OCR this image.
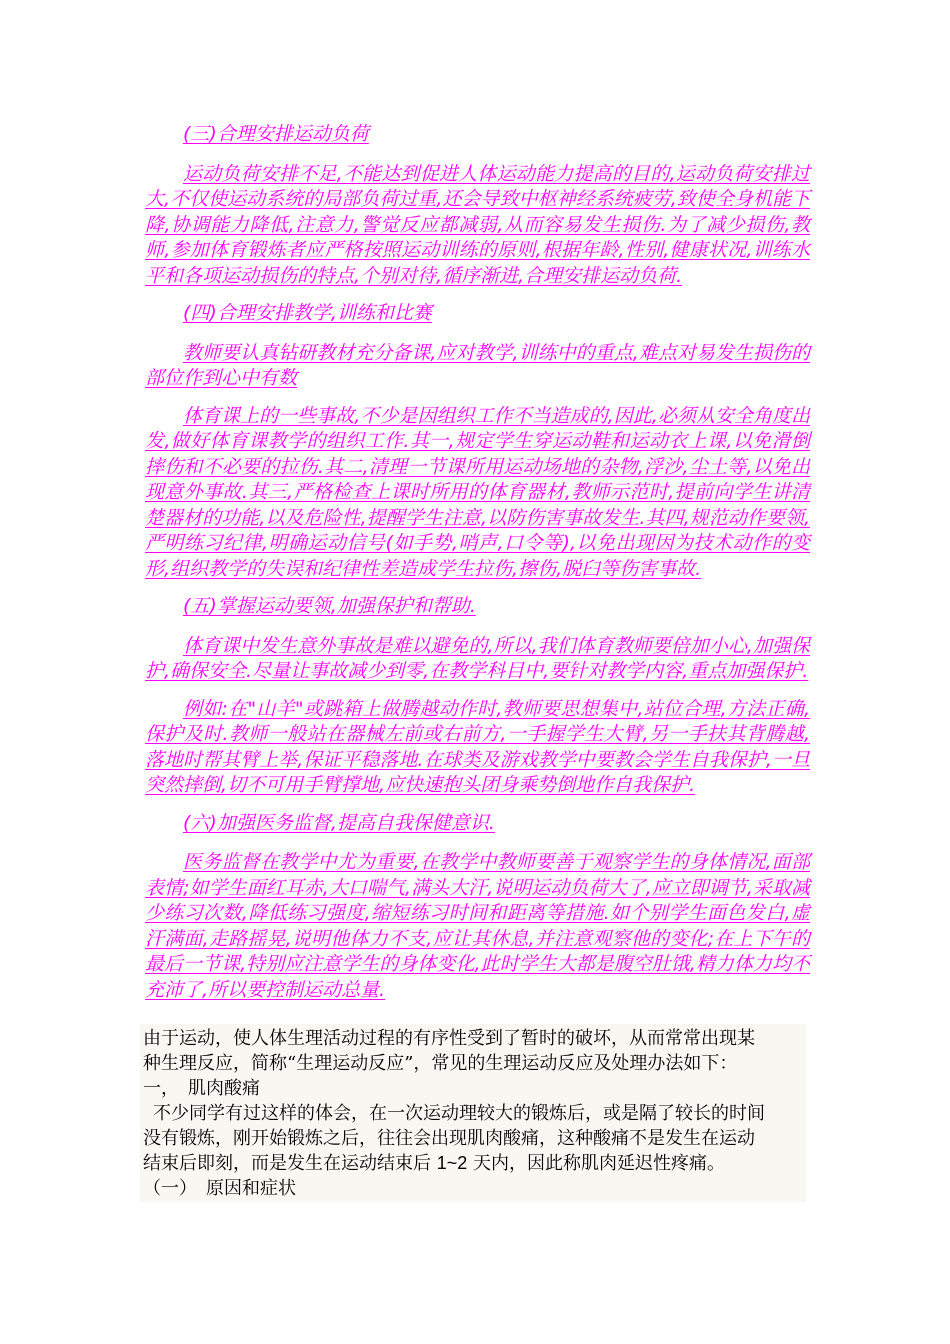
(三)合理安排运动负荷

运动负荷安排不足,不能达到促进人体运动能力提高的目的,运动负荷安排过大,不仅使运动系统的局部负荷过重,还会导致中枢神经系统疲劳,致使全身机能下降,协调能力降低,注意力,警觉反应都减弱,从而容易发生损伤.为了减少损伤,教师,参加体育锻炼者应严格按照运动训练的原则,根据年龄,性别,健康状况,训练水平和各项运动损伤的特点,个别对待,循序渐进,合理安排运动负荷.

(四)合理安排教学,训练和比赛

教师要认真钻研教材充分备课,应对教学,训练中的重点,难点对易发生损伤的部位作到心中有数

体育课上的一些事故,不少是因组织工作不当造成的,因此,必须从安全角度出发,做好体育课教学的组织工作.其一,规定学生穿运动鞋和运动衣上课,以免滑倒摔伤和不必要的拉伤.其二,清理一节课所用运动场地的杂物,浮沙,尘土等,以免出现意外事故.其三,严格检查上课时所用的体育器材,教师示范时,提前向学生讲清楚器材的功能,以及危险性,提醒学生注意,以防伤害事故发生.其四,规范动作要领,严明练习纪律,明确运动信号(如手势,哨声,口令等),以免出现因为技术动作的变形,组织教学的失误和纪律性差造成学生拉伤,擦伤,脱臼等伤害事故.

(五)掌握运动要领,加强保护和帮助.

体育课中发生意外事故是难以避免的,所以,我们体育教师要倍加小心,加强保护,确保安全.尽量让事故减少到零,在教学科目中,要针对教学内容,重点加强保护.

例如:在"山羊"或跳箱上做腾越动作时,教师要思想集中,站位合理,方法正确,保护及时.教师一般站在器械左前或右前方,一手握学生大臂,另一手扶其背腾越,落地时帮其臂上举,保证平稳落地.在球类及游戏教学中要教会学生自我保护,一旦突然摔倒,切不可用手臂撑地,应快速抱头团身乘势倒地作自我保护.

(六)加强医务监督,提高自我保健意识.

医务监督在教学中尤为重要,在教学中教师要善于观察学生的身体情况,面部表情;如学生面红耳赤,大口喘气,满头大汗,说明运动负荷大了,应立即调节,采取减少练习次数,降低练习强度,缩短练习时间和距离等措施.如个别学生面色发白,虚汗满面,走路摇晃,说明他体力不支,应让其休息,并注意观察他的变化;在上下午的最后一节课,特别应注意学生的身体变化,此时学生大都是腹空肚饿,精力体力均不充沛了,所以要控制运动总量.

由于运动，使人体生理活动过程的有序性受到了暂时的破坏，从而常常出现某

种生理反应，简称“生理运动反应”，常见的生理运动反应及处理办法如下：

一，　肌肉酸痛

不少同学有过这样的体会，在一次运动理较大的锻炼后，或是隔了较长的时间

没有锻炼，刚开始锻炼之后，往往会出现肌肉酸痛，这种酸痛不是发生在运动

结束后即刻，而是发生在运动结束后 1~2 天内，因此称肌肉延迟性疼痛。

（一）　原因和症状
